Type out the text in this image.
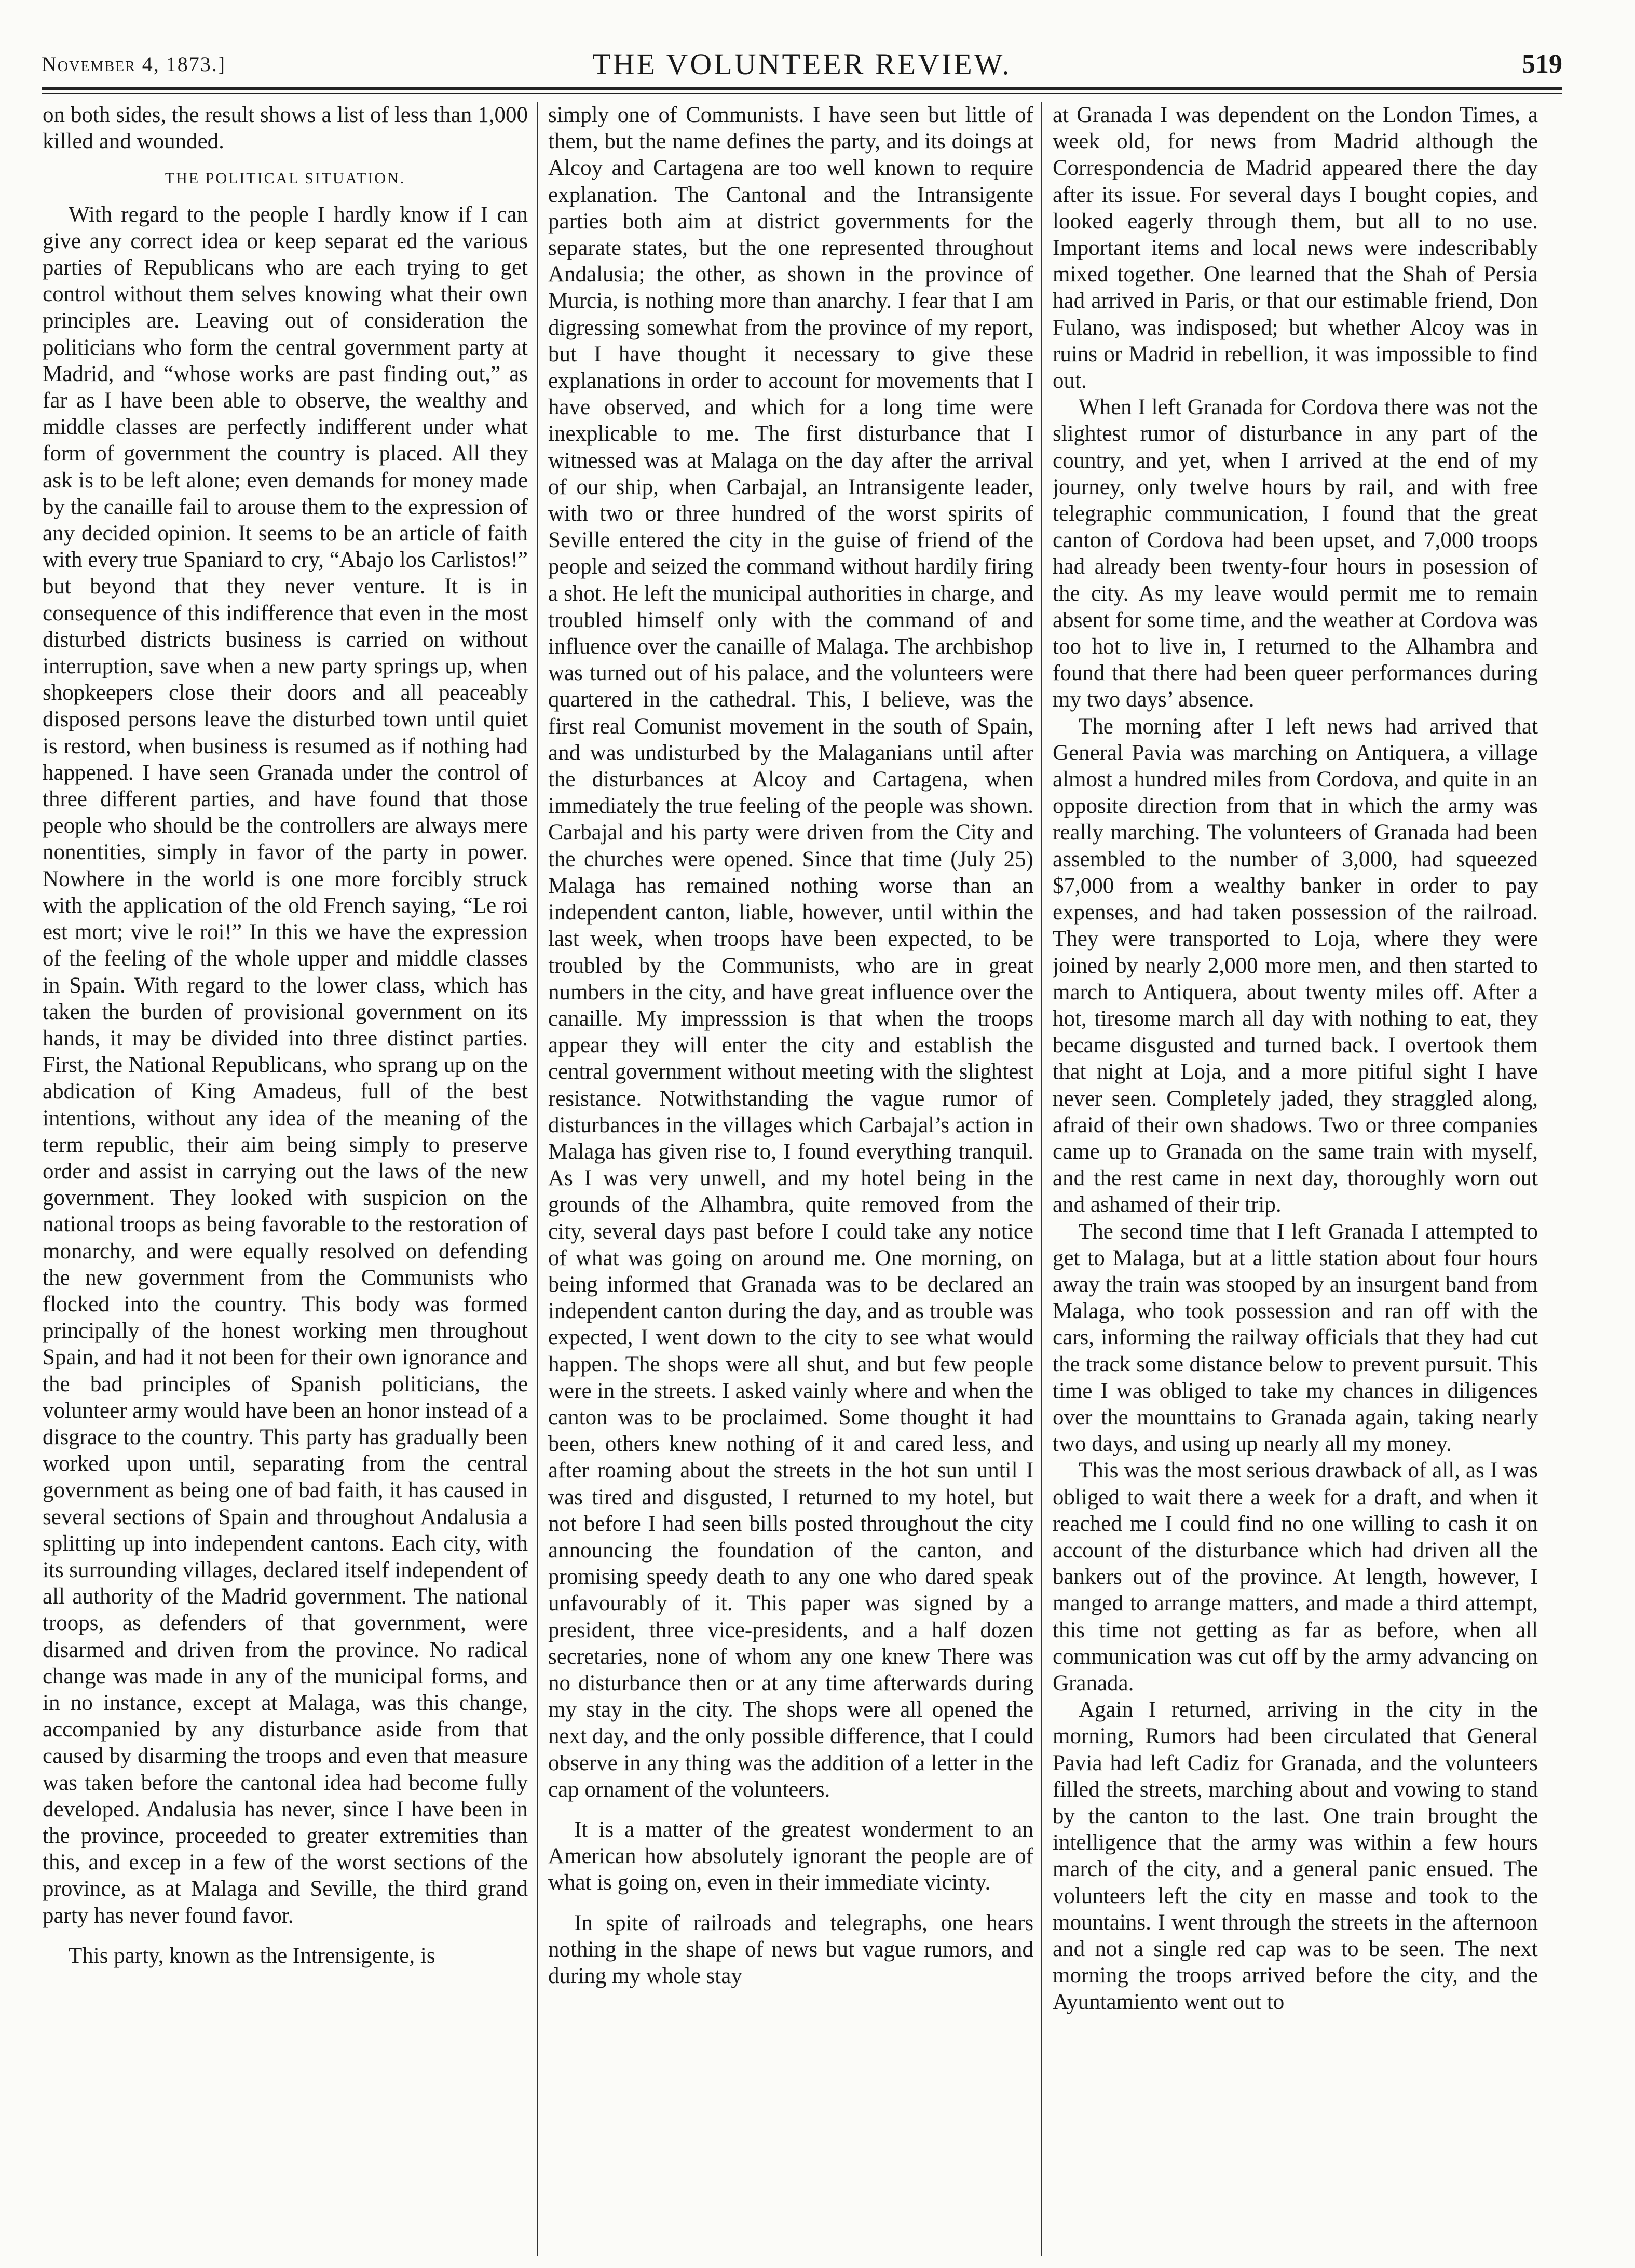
November 4, 1873.]	THE VOLUNTEER REVIEW.	519

on both sides, the result shows a list of less than 1,000 killed and wounded.

THE POLITICAL SITUATION.

With regard to the people I hardly know if I can give any correct idea or keep separat ed the various parties of Republicans who are each trying to get control without them selves knowing what their own principles are. Leaving out of consideration the politicians who form the central government party at Madrid, and “whose works are past finding out,” as far as I have been able to observe, the wealthy and middle classes are perfectly indifferent under what form of government the country is placed. All they ask is to be left alone; even demands for money made by the canaille fail to arouse them to the expression of any decided opinion. It seems to be an article of faith with every true Spaniard to cry, “Abajo los Carlistos!” but beyond that they never venture. It is in consequence of this indifference that even in the most disturbed districts business is carried on without interruption, save when a new party springs up, when shopkeepers close their doors and all peaceably disposed persons leave the disturbed town until quiet is restord, when business is resumed as if nothing had happened. I have seen Granada under the control of three different parties, and have found that those people who should be the controllers are always mere nonentities, simply in favor of the party in power. Nowhere in the world is one more forcibly struck with the application of the old French saying, “Le roi est mort; vive le roi!” In this we have the expression of the feeling of the whole upper and middle classes in Spain. With regard to the lower class, which has taken the burden of provisional government on its hands, it may be divided into three distinct parties. First, the National Republicans, who sprang up on the abdication of King Amadeus, full of the best intentions, without any idea of the meaning of the term republic, their aim being simply to preserve order and assist in carrying out the laws of the new government. They looked with suspicion on the national troops as being favorable to the restoration of monarchy, and were equally resolved on defending the new government from the Communists who flocked into the country. This body was formed principally of the honest working men throughout Spain, and had it not been for their own ignorance and the bad principles of Spanish politicians, the volunteer army would have been an honor instead of a disgrace to the country. This party has gradually been worked upon until, separating from the central government as being one of bad faith, it has caused in several sections of Spain and throughout Andalusia a splitting up into independent cantons. Each city, with its surrounding villages, declared itself independent of all authority of the Madrid government. The national troops, as defenders of that government, were disarmed and driven from the province. No radical change was made in any of the municipal forms, and in no instance, except at Malaga, was this change, accompanied by any disturbance aside from that caused by disarming the troops and even that measure was taken before the cantonal idea had become fully developed. Andalusia has never, since I have been in the province, proceeded to greater extremities than this, and excep in a few of the worst sections of the province, as at Malaga and Seville, the third grand party has never found favor.

This party, known as the Intrensigente, is

simply one of Communists. I have seen but little of them, but the name defines the party, and its doings at Alcoy and Cartagena are too well known to require explanation. The Cantonal and the Intransigente parties both aim at district governments for the separate states, but the one represented throughout Andalusia; the other, as shown in the province of Murcia, is nothing more than anarchy. I fear that I am digressing somewhat from the province of my report, but I have thought it necessary to give these explanations in order to account for movements that I have observed, and which for a long time were inexplicable to me. The first disturbance that I witnessed was at Malaga on the day after the arrival of our ship, when Carbajal, an Intransigente leader, with two or three hundred of the worst spirits of Seville entered the city in the guise of friend of the people and seized the command without hardily firing a shot. He left the municipal authorities in charge, and troubled himself only with the command of and influence over the canaille of Malaga. The archbishop was turned out of his palace, and the volunteers were quartered in the cathedral. This, I believe, was the first real Comunist movement in the south of Spain, and was undisturbed by the Malaganians until after the disturbances at Alcoy and Cartagena, when immediately the true feeling of the people was shown. Carbajal and his party were driven from the City and the churches were opened. Since that time (July 25) Malaga has remained nothing worse than an independent canton, liable, however, until within the last week, when troops have been expected, to be troubled by the Communists, who are in great numbers in the city, and have great influence over the canaille. My impresssion is that when the troops appear they will enter the city and establish the central government without meeting with the slightest resistance. Notwithstanding the vague rumor of disturbances in the villages which Carbajal’s action in Malaga has given rise to, I found everything tranquil. As I was very unwell, and my hotel being in the grounds of the Alhambra, quite removed from the city, several days past before I could take any notice of what was going on around me. One morning, on being informed that Granada was to be declared an independent canton during the day, and as trouble was expected, I went down to the city to see what would happen. The shops were all shut, and but few people were in the streets. I asked vainly where and when the canton was to be proclaimed. Some thought it had been, others knew nothing of it and cared less, and after roaming about the streets in the hot sun until I was tired and disgusted, I returned to my hotel, but not before I had seen bills posted throughout the city announcing the foundation of the canton, and promising speedy death to any one who dared speak unfavourably of it. This paper was signed by a president, three vice-presidents, and a half dozen secretaries, none of whom any one knew There was no disturbance then or at any time afterwards during my stay in the city. The shops were all opened the next day, and the only possible difference, that I could observe in any thing was the addition of a letter in the cap ornament of the volunteers.

It is a matter of the greatest wonderment to an American how absolutely ignorant the people are of what is going on, even in their immediate vicinty.

In spite of railroads and telegraphs, one hears nothing in the shape of news but vague rumors, and during my whole stay

at Granada I was dependent on the London Times, a week old, for news from Madrid although the Correspondencia de Madrid appeared there the day after its issue. For several days I bought copies, and looked eagerly through them, but all to no use. Important items and local news were indescribably mixed together. One learned that the Shah of Persia had arrived in Paris, or that our estimable friend, Don Fulano, was indisposed; but whether Alcoy was in ruins or Madrid in rebellion, it was impossible to find out.

When I left Granada for Cordova there was not the slightest rumor of disturbance in any part of the country, and yet, when I arrived at the end of my journey, only twelve hours by rail, and with free telegraphic communication, I found that the great canton of Cordova had been upset, and 7,000 troops had already been twenty-four hours in posession of the city. As my leave would permit me to remain absent for some time, and the weather at Cordova was too hot to live in, I returned to the Alhambra and found that there had been queer performances during my two days’ absence.

The morning after I left news had arrived that General Pavia was marching on Antiquera, a village almost a hundred miles from Cordova, and quite in an opposite direction from that in which the army was really marching. The volunteers of Granada had been assembled to the number of 3,000, had squeezed $7,000 from a wealthy banker in order to pay expenses, and had taken possession of the railroad. They were transported to Loja, where they were joined by nearly 2,000 more men, and then started to march to Antiquera, about twenty miles off. After a hot, tiresome march all day with nothing to eat, they became disgusted and turned back. I overtook them that night at Loja, and a more pitiful sight I have never seen. Completely jaded, they straggled along, afraid of their own shadows. Two or three companies came up to Granada on the same train with myself, and the rest came in next day, thoroughly worn out and ashamed of their trip.

The second time that I left Granada I attempted to get to Malaga, but at a little station about four hours away the train was stooped by an insurgent band from Malaga, who took possession and ran off with the cars, informing the railway officials that they had cut the track some distance below to prevent pursuit. This time I was obliged to take my chances in diligences over the mounttains to Granada again, taking nearly two days, and using up nearly all my money.

This was the most serious drawback of all, as I was obliged to wait there a week for a draft, and when it reached me I could find no one willing to cash it on account of the disturbance which had driven all the bankers out of the province. At length, however, I manged to arrange matters, and made a third attempt, this time not getting as far as before, when all communication was cut off by the army advancing on Granada.

Again I returned, arriving in the city in the morning, Rumors had been circulated that General Pavia had left Cadiz for Granada, and the volunteers filled the streets, marching about and vowing to stand by the canton to the last. One train brought the intelligence that the army was within a few hours march of the city, and a general panic ensued. The volunteers left the city en masse and took to the mountains. I went through the streets in the afternoon and not a single red cap was to be seen. The next morning the troops arrived before the city, and the Ayuntamiento went out to
